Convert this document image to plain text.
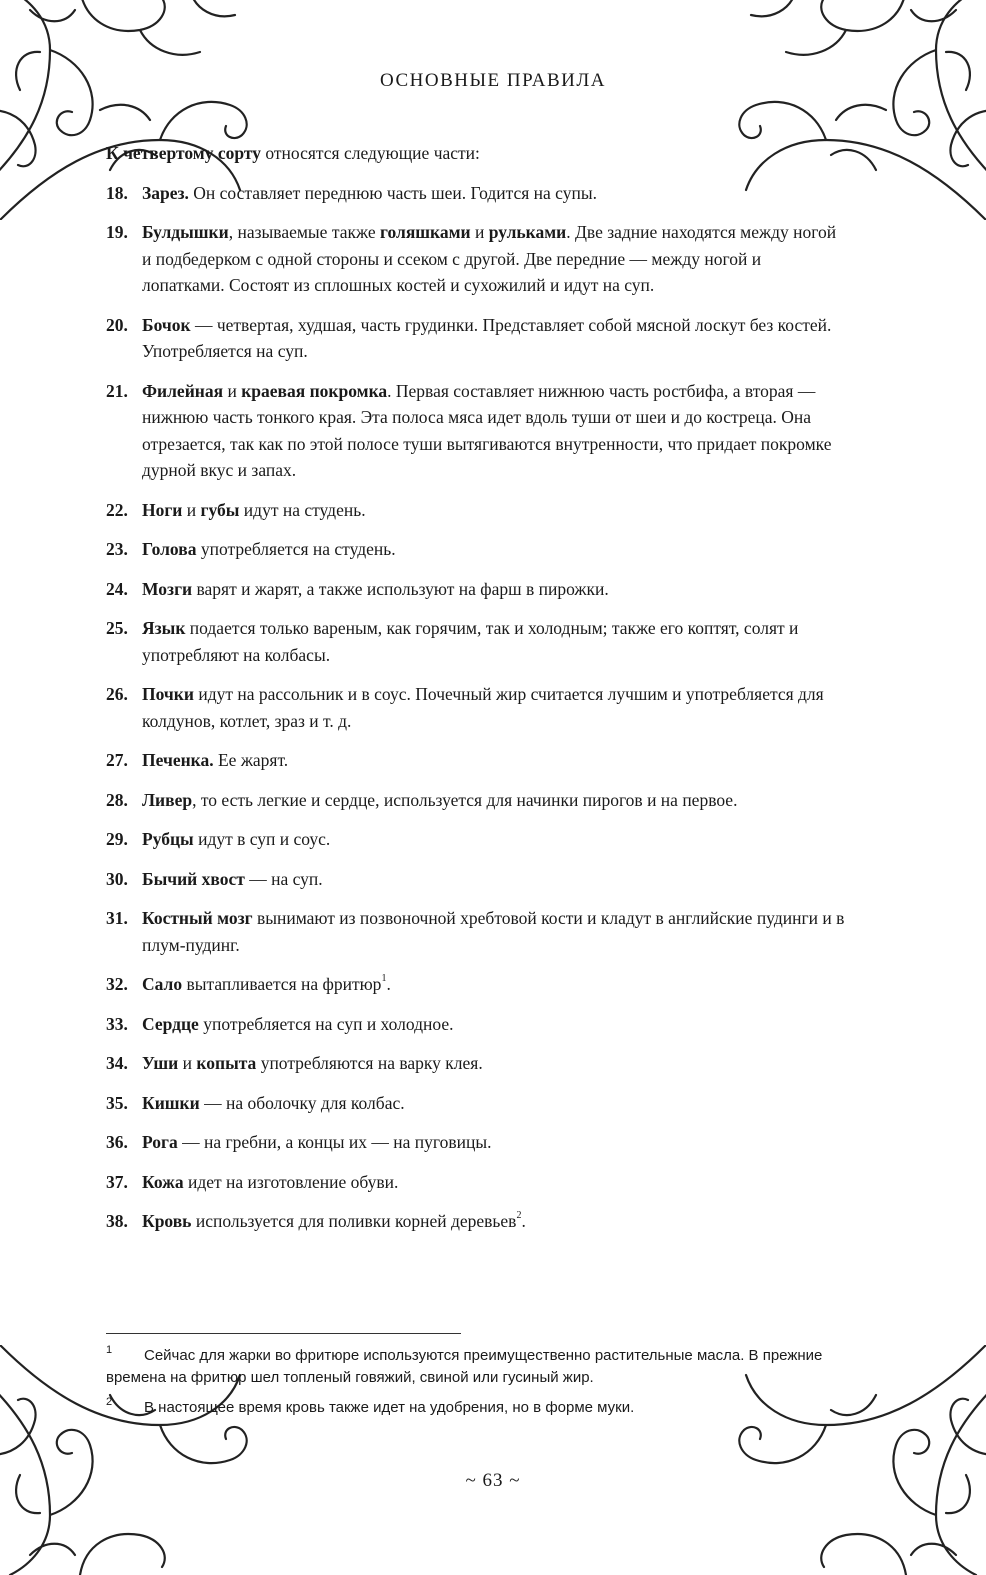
ОСНОВНЫЕ ПРАВИЛА

К четвертому сорту относятся следующие части:

18. Зарез. Он составляет переднюю часть шеи. Годится на супы.

19. Булдышки, называемые также голяшками и рульками. Две задние находятся между ногой и подбедерком с одной стороны и ссеком с другой. Две передние — между ногой и лопатками. Состоят из сплошных костей и сухожилий и идут на суп.

20. Бочок — четвертая, худшая, часть грудинки. Представляет собой мясной лоскут без костей. Употребляется на суп.

21. Филейная и краевая покромка. Первая составляет нижнюю часть ростбифа, а вторая — нижнюю часть тонкого края. Эта полоса мяса идет вдоль туши от шеи и до кострецa. Она отрезается, так как по этой полосе туши вытягиваются внутренности, что придает покромке дурной вкус и запах.

22. Ноги и губы идут на студень.

23. Голова употребляется на студень.

24. Мозги варят и жарят, а также используют на фарш в пирожки.

25. Язык подается только вареным, как горячим, так и холодным; также его коптят, солят и употребляют на колбасы.

26. Почки идут на рассольник и в соус. Почечный жир считается лучшим и употребляется для колдунов, котлет, зраз и т. д.

27. Печенка. Ее жарят.

28. Ливер, то есть легкие и сердце, используется для начинки пирогов и на первое.

29. Рубцы идут в суп и соус.

30. Бычий хвост — на суп.

31. Костный мозг вынимают из позвоночной хребтовой кости и кладут в английские пудинги и в плум-пудинг.

32. Сало вытапливается на фритюр$^1$.

33. Сердце употребляется на суп и холодное.

34. Уши и копыта употребляются на варку клея.

35. Кишки — на оболочку для колбас.

36. Рога — на гребни, а концы их — на пуговицы.

37. Кожа идет на изготовление обуви.

38. Кровь используется для поливки корней деревьев$^2$.

1	Сейчас для жарки во фритюре используются преимущественно растительные масла. В прежние времена на фритюр шел топленый говяжий, свиной или гусиный жир.
2	В настоящее время кровь также идет на удобрения, но в форме муки.
~ 63 ~
